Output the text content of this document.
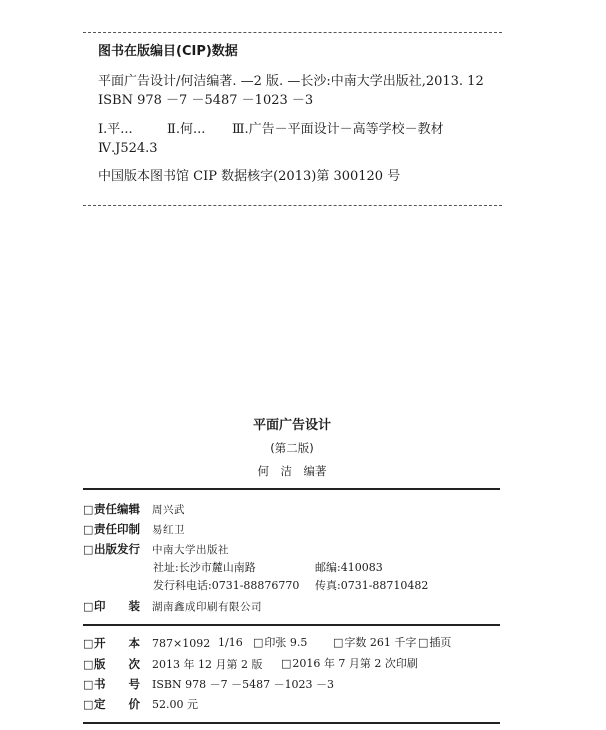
图书在版编目(CIP)数据
平面广告设计/何洁编著. —2 版. —长沙:中南大学出版社,2013. 12
ISBN 978 －7 －5487 －1023 －3
Ⅰ.平...	Ⅱ.何... Ⅲ.广告－平面设计－高等学校－教材
Ⅳ.J524.3
中国版本图书馆 CIP 数据核字(2013)第 300120 号
平面广告设计
(第二版)
何　洁　编著
□责任编辑 周兴武
□责任印制 易红卫
□出版发行 中南大学出版社
社址:长沙市麓山南路	邮编:410083
发行科电话:0731-88876770 传真:0731-88710482
□印　　装 湖南鑫成印刷有限公司
□开　　本 787×1092 1/16 □印张 9.5 □字数 261 千字 □插页
□版　　次 2013 年 12 月第 2 版 □2016 年 7 月第 2 次印刷
□书　　号 ISBN 978 －7 －5487 －1023 －3
□定　　价 52.00 元
